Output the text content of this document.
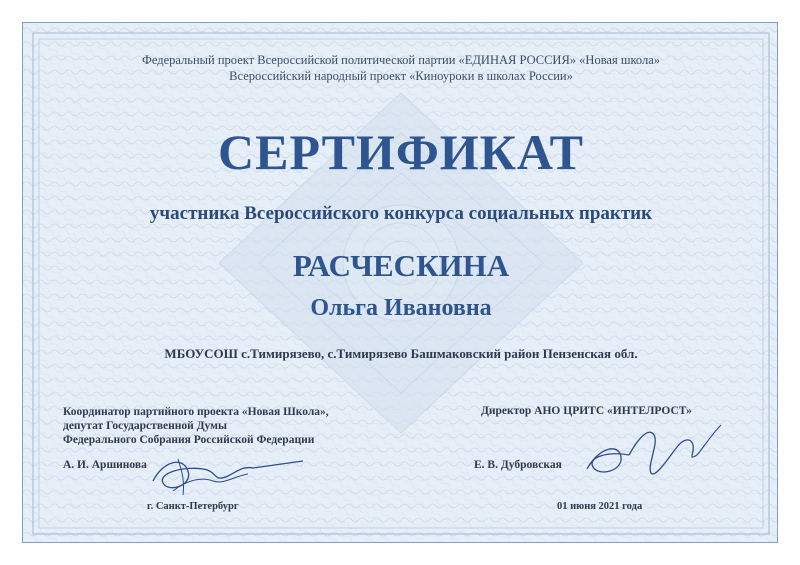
Федеральный проект Всероссийской политической партии «ЕДИНАЯ РОССИЯ» «Новая школа»
Всероссийский народный проект «Киноуроки в школах России»
СЕРТИФИКАТ
участника Всероссийского конкурса социальных практик
РАСЧЕСКИНА
Ольга Ивановна
МБОУСОШ с.Тимирязево, с.Тимирязево Башмаковский район Пензенская обл.
Координатор партийного проекта «Новая Школа»,
депутат Государственной Думы
Федерального Собрания Российской Федерации
А. И. Аршинова
г. Санкт-Петербург
Директор АНО ЦРИТС «ИНТЕЛРОСТ»
Е. В. Дубровская
01 июня 2021 года
